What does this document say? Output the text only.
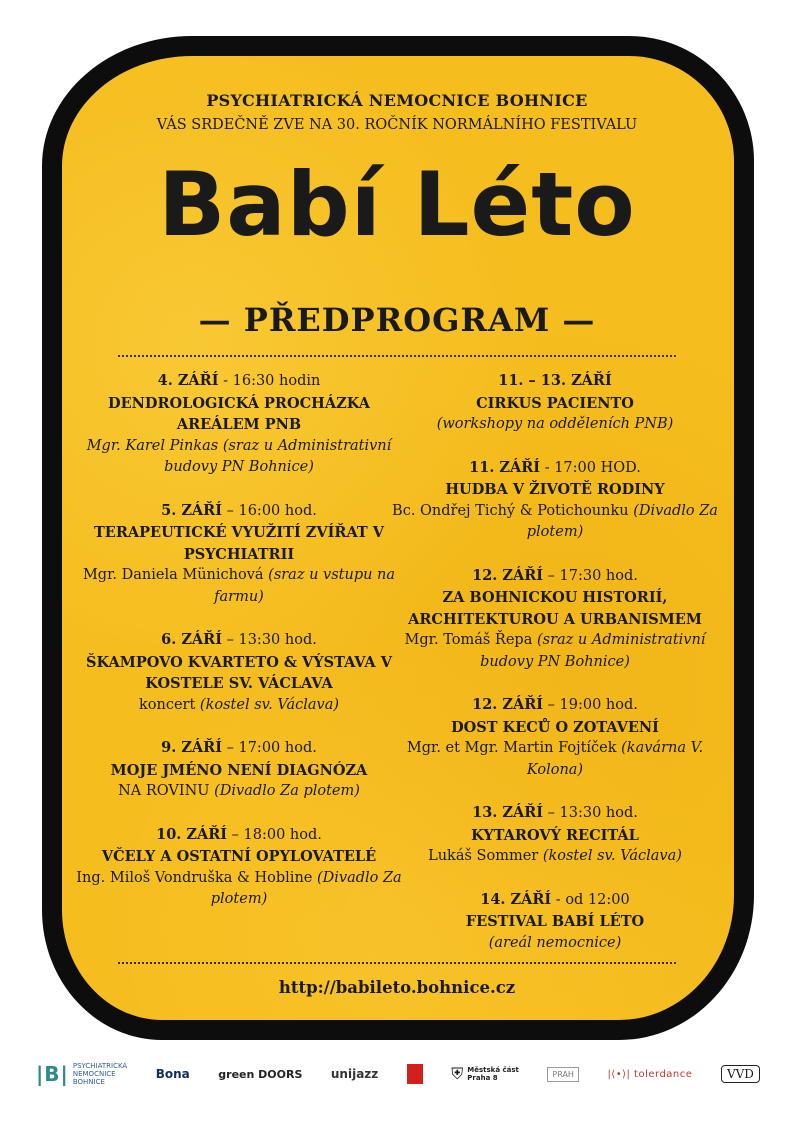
PSYCHIATRICKÁ NEMOCNICE BOHNICE
VÁS SRDEČNĚ ZVE NA 30. ROČNÍK NORMÁLNÍHO FESTIVALU
Babí Léto
— PŘEDPROGRAM —
4. ZÁŘÍ - 16:30 hodin
DENDROLOGICKÁ PROCHÁZKA AREÁLEM PNB
Mgr. Karel Pinkas (sraz u Administrativní budovy PN Bohnice)
5. ZÁŘÍ – 16:00 hod.
TERAPEUTICKÉ VYUŽITÍ ZVÍŘAT V PSYCHIATRII
Mgr. Daniela Münichová (sraz u vstupu na farmu)
6. ZÁŘÍ – 13:30 hod.
ŠKAMPOVO KVARTETO & VÝSTAVA V KOSTELE SV. VÁCLAVA
koncert (kostel sv. Václava)
9. ZÁŘÍ – 17:00 hod.
MOJE JMÉNO NENÍ DIAGNÓZA
NA ROVINU (Divadlo Za plotem)
10. ZÁŘÍ – 18:00 hod.
VČELY A OSTATNÍ OPYLOVATELÉ
Ing. Miloš Vondruška & Hobline (Divadlo Za plotem)
11. – 13. ZÁŘÍ
CIRKUS PACIENTO
(workshopy na odděleních PNB)
11. ZÁŘÍ - 17:00 HOD.
HUDBA V ŽIVOTĚ RODINY
Bc. Ondřej Tichý & Potichounku (Divadlo Za plotem)
12. ZÁŘÍ – 17:30 hod.
ZA BOHNICKOU HISTORIÍ, ARCHITEKTUROU A URBANISMEM
Mgr. Tomáš Řepa (sraz u Administrativní budovy PN Bohnice)
12. ZÁŘÍ – 19:00 hod.
DOST KECŮ O ZOTAVENÍ
Mgr. et Mgr. Martin Fojtíček (kavárna V. Kolona)
13. ZÁŘÍ – 13:30 hod.
KYTAROVÝ RECITÁL
Lukáš Sommer (kostel sv. Václava)
14. ZÁŘÍ - od 12:00
FESTIVAL BABÍ LÉTO
(areál nemocnice)
http://babileto.bohnice.cz
|B| PSYCHIATRICKÁ
NEMOCNICE
BOHNICE
Bona	green DOORS unijazz	⛨ Městská část
Praha 8	PRAH	|⟨•⟩| tolerdance	VVD
